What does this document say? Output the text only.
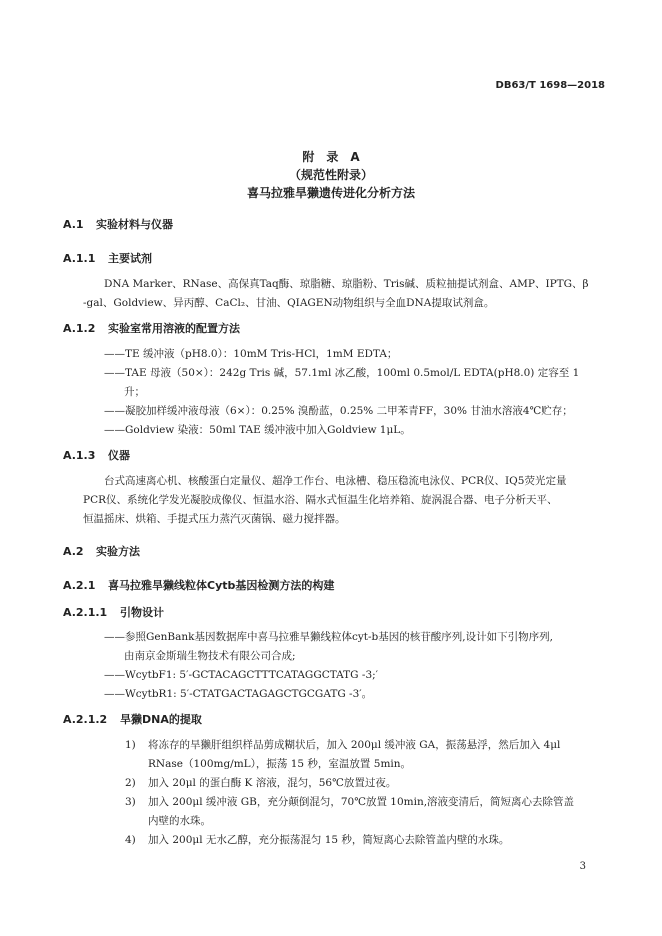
DB63/T 1698—2018
附　录　A
（规范性附录）
喜马拉雅旱獭遗传进化分析方法
A.1 实验材料与仪器
A.1.1 主要试剂
DNA Marker、RNase、高保真Taq酶、琼脂糖、琼脂粉、Tris碱、质粒抽提试剂盒、AMP、IPTG、β
-gal、Goldview、异丙醇、CaCl₂、甘油、QIAGEN动物组织与全血DNA提取试剂盒。
A.1.2 实验室常用溶液的配置方法
——TE 缓冲液（pH8.0）：10mM Tris-HCl，1mM EDTA；
——TAE 母液（50×）：242g Tris 碱，57.1ml 冰乙酸，100ml 0.5mol/L EDTA(pH8.0) 定容至 1
升；
——凝胶加样缓冲液母液（6×）：0.25% 溴酚蓝，0.25% 二甲苯青FF，30% 甘油水溶液4℃贮存；
——Goldview 染液：50ml TAE 缓冲液中加入Goldview 1μL。
A.1.3 仪器
台式高速离心机、核酸蛋白定量仪、超净工作台、电泳槽、稳压稳流电泳仪、PCR仪、IQ5荧光定量
PCR仪、系统化学发光凝胶成像仪、恒温水浴、隔水式恒温生化培养箱、旋涡混合器、电子分析天平、
恒温摇床、烘箱、手提式压力蒸汽灭菌锅、磁力搅拌器。
A.2 实验方法
A.2.1 喜马拉雅旱獭线粒体Cytb基因检测方法的构建
A.2.1.1 引物设计
——参照GenBank基因数据库中喜马拉雅旱獭线粒体cyt-b基因的核苷酸序列,设计如下引物序列,
由南京金斯瑞生物技术有限公司合成;
——WcytbF1: 5′-GCTACAGCTTTCATAGGCTATG -3;′
——WcytbR1: 5′-CTATGACTAGAGCTGCGATG -3′。
A.2.1.2 旱獭DNA的提取
1) 将冻存的旱獭肝组织样品剪成糊状后，加入 200μl 缓冲液 GA，振荡悬浮，然后加入 4μl
RNase（100mg/mL），振荡 15 秒，室温放置 5min。
2) 加入 20μl 的蛋白酶 K 溶液，混匀，56℃放置过夜。
3) 加入 200μl 缓冲液 GB，充分颠倒混匀，70℃放置 10min,溶液变清后，简短离心去除管盖
内壁的水珠。
4) 加入 200μl 无水乙醇，充分振荡混匀 15 秒，简短离心去除管盖内壁的水珠。
3
